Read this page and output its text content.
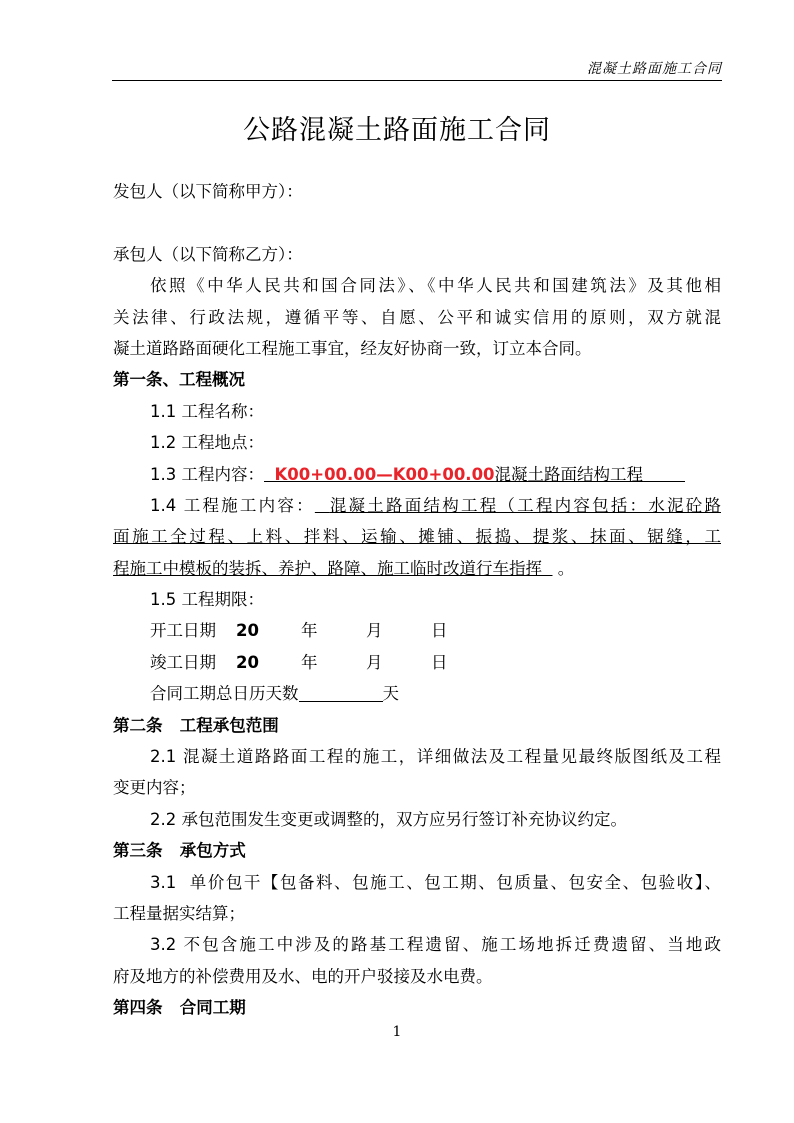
混凝土路面施工合同
公路混凝土路面施工合同
发包人（以下简称甲方）：
承包人（以下简称乙方）：
依照《中华人民共和国合同法》、《中华人民共和国建筑法》及其他相
关法律、行政法规，遵循平等、自愿、公平和诚实信用的原则，双方就混
凝土道路路面硬化工程施工事宜，经友好协商一致，订立本合同。
第一条、工程概况
1.1 工程名称：
1.2 工程地点：
1.3 工程内容： K00+00.00—K00+00.00混凝土路面结构工程
1.4 工程施工内容： 混凝土路面结构工程（工程内容包括：水泥砼路
面施工全过程、上料、拌料、运输、摊铺、振捣、提浆、抹面、锯缝，工
程施工中模板的装拆、养护、路障、施工临时改道行车指挥 。
1.5 工程期限：
开工日期 20	年	月	日
竣工日期 20	年	月	日
合同工期总日历天数	天
第二条   工程承包范围
2.1 混凝土道路路面工程的施工，详细做法及工程量见最终版图纸及工程
变更内容；
2.2 承包范围发生变更或调整的，双方应另行签订补充协议约定。
第三条   承包方式
3.1  单价包干【包备料、包施工、包工期、包质量、包安全、包验收】、
工程量据实结算；
3.2 不包含施工中涉及的路基工程遗留、施工场地拆迁费遗留、当地政
府及地方的补偿费用及水、电的开户驳接及水电费。
第四条   合同工期
1
